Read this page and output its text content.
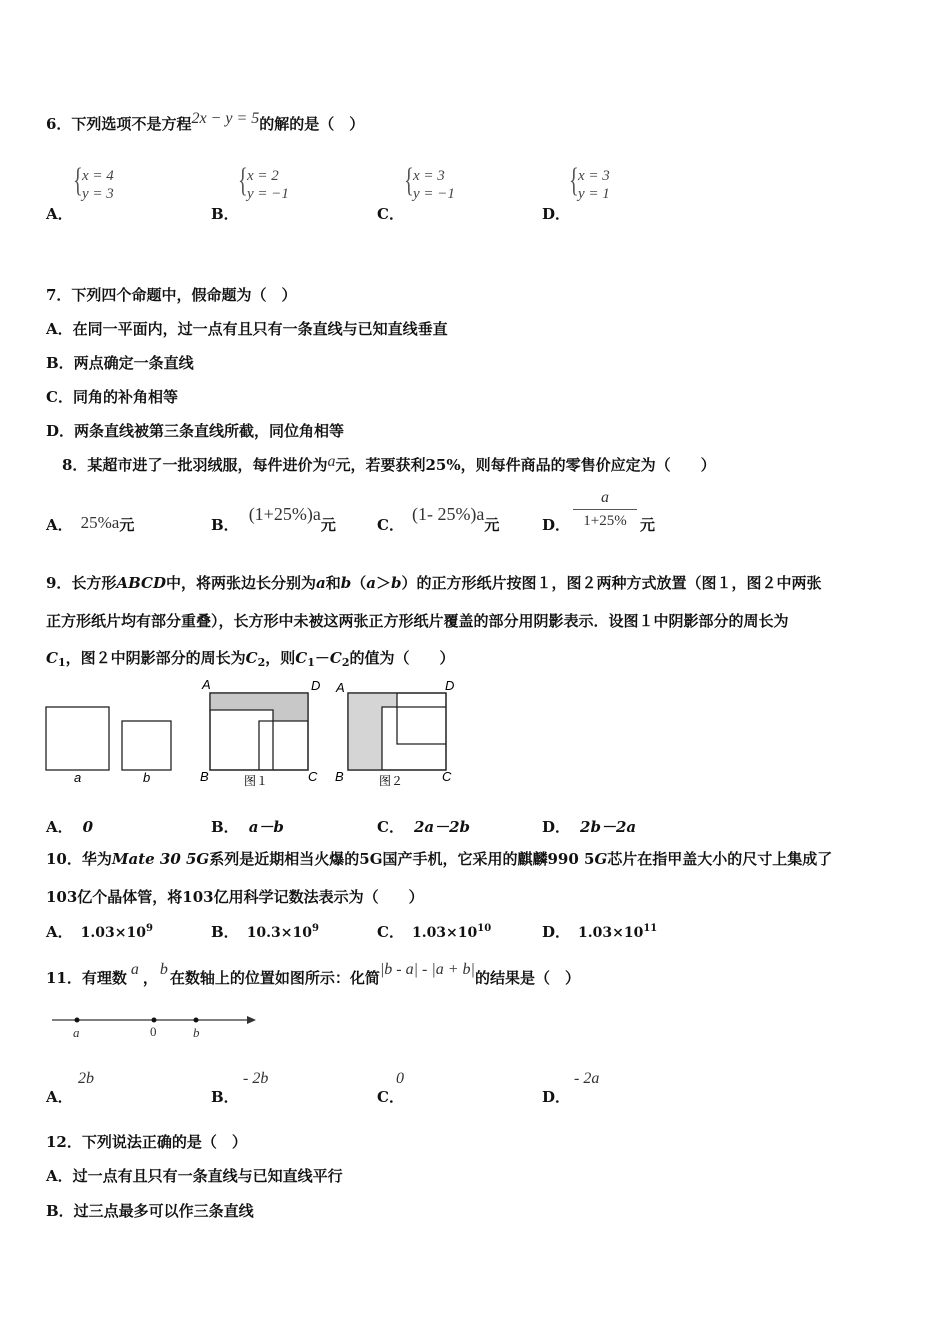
6．下列选项不是方程2x − y = 5的解的是（　）
A．
{ x = 4
y = 3
B．
{ x = 2
y = −1
C．
{ x = 3
y = −1
D．
{ x = 3
y = 1
7．下列四个命题中，假命题为（　）
A．在同一平面内，过一点有且只有一条直线与已知直线垂直
B．两点确定一条直线
C．同角的补角相等
D．两条直线被第三条直线所截，同位角相等
8．某超市进了一批羽绒服，每件进价为a元，若要获利25%，则每件商品的零售价应定为（　　）
A． 25%a元	B．(1+25%)a元	C．(1- 25%)a元	D．
a
1+25% 元
9．长方形ABCD中，将两张边长分别为a和b（a＞b）的正方形纸片按图１，图２两种方式放置（图１，图２中两张
正方形纸片均有部分重叠），长方形中未被这两张正方形纸片覆盖的部分用阴影表示．设图１中阴影部分的周长为
$C_1$，图２中阴影部分的周长为$C_2$，则$C_1-C_2$的值为（　　）
a	b
A	D
B	C
图１
A	D
B	C
图２
A． 0	B． a－b	C． 2a－2b	D． 2b－2a
10．华为Mate 30 5G系列是近期相当火爆的5G国产手机，它采用的麒麟990 5G芯片在指甲盖大小的尺寸上集成了
103亿个晶体管，将103亿用科学记数法表示为（　　）
A． $1.03\times 10^9$	B． $10.3\times 10^9$	C． $1.03\times 10^{10}$	D． $1.03\times 10^{11}$
11．有理数 a ， b 在数轴上的位置如图所示：化简|b - a| - |a + b|的结果是（　）
a	0	b
A．
2b
B．
- 2b
C．
0
D．
- 2a
12．下列说法正确的是（　）
A．过一点有且只有一条直线与已知直线平行
B．过三点最多可以作三条直线
